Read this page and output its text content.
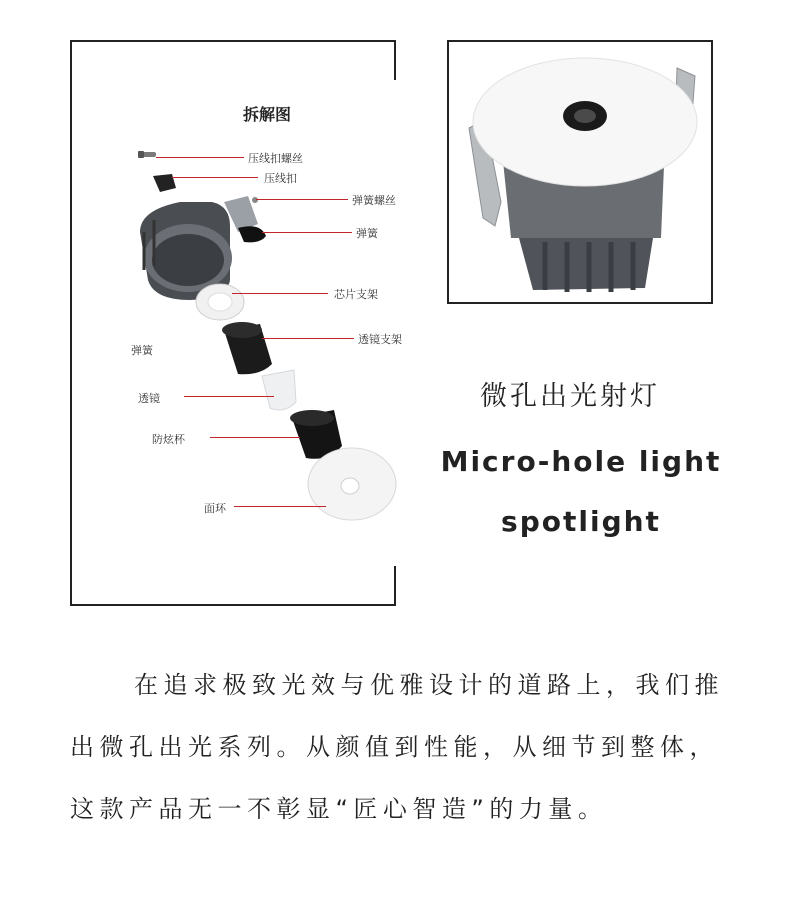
拆解图
压线扣螺丝
压线扣
弹簧螺丝
弹簧
芯片支架
透镜支架
弹簧
透镜
防炫杯
面环
微孔出光射灯
Micro-hole light spotlight
在追求极致光效与优雅设计的道路上，我们推出微孔出光系列。从颜值到性能，从细节到整体，这款产品无一不彰显“匠心智造”的力量。
